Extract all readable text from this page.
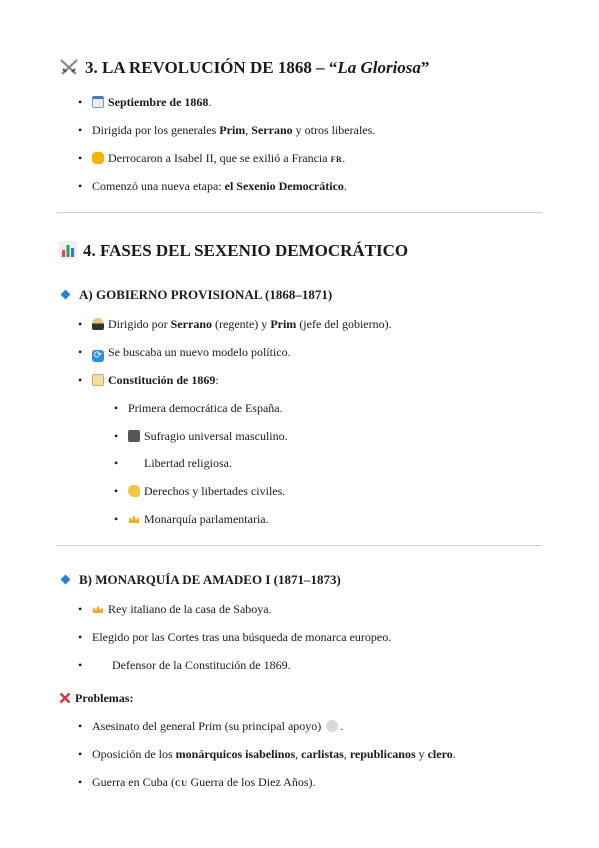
3. LA REVOLUCIÓN DE 1868 – “La Gloriosa”
• Septiembre de 1868.
• Dirigida por los generales Prim, Serrano y otros liberales.
• Derrocaron a Isabel II, que se exilió a Francia FR.
• Comenzó una nueva etapa: el Sexenio Democrático.
4. FASES DEL SEXENIO DEMOCRÁTICO
A) GOBIERNO PROVISIONAL (1868–1871)
• Dirigido por Serrano (regente) y Prim (jefe del gobierno).
• ⟳ Se buscaba un nuevo modelo político.
• Constitución de 1869:
• Primera democrática de España.
• Sufragio universal masculino.
• Libertad religiosa.
• Derechos y libertades civiles.
• Monarquía parlamentaria.
B) MONARQUÍA DE AMADEO I (1871–1873)
• Rey italiano de la casa de Saboya.
• Elegido por las Cortes tras una búsqueda de monarca europeo.
• Defensor de la Constitución de 1869.
Problemas:
• Asesinato del general Prim (su principal apoyo) .
• Oposición de los monárquicos isabelinos, carlistas, republicanos y clero.
• Guerra en Cuba (CU Guerra de los Diez Años).
